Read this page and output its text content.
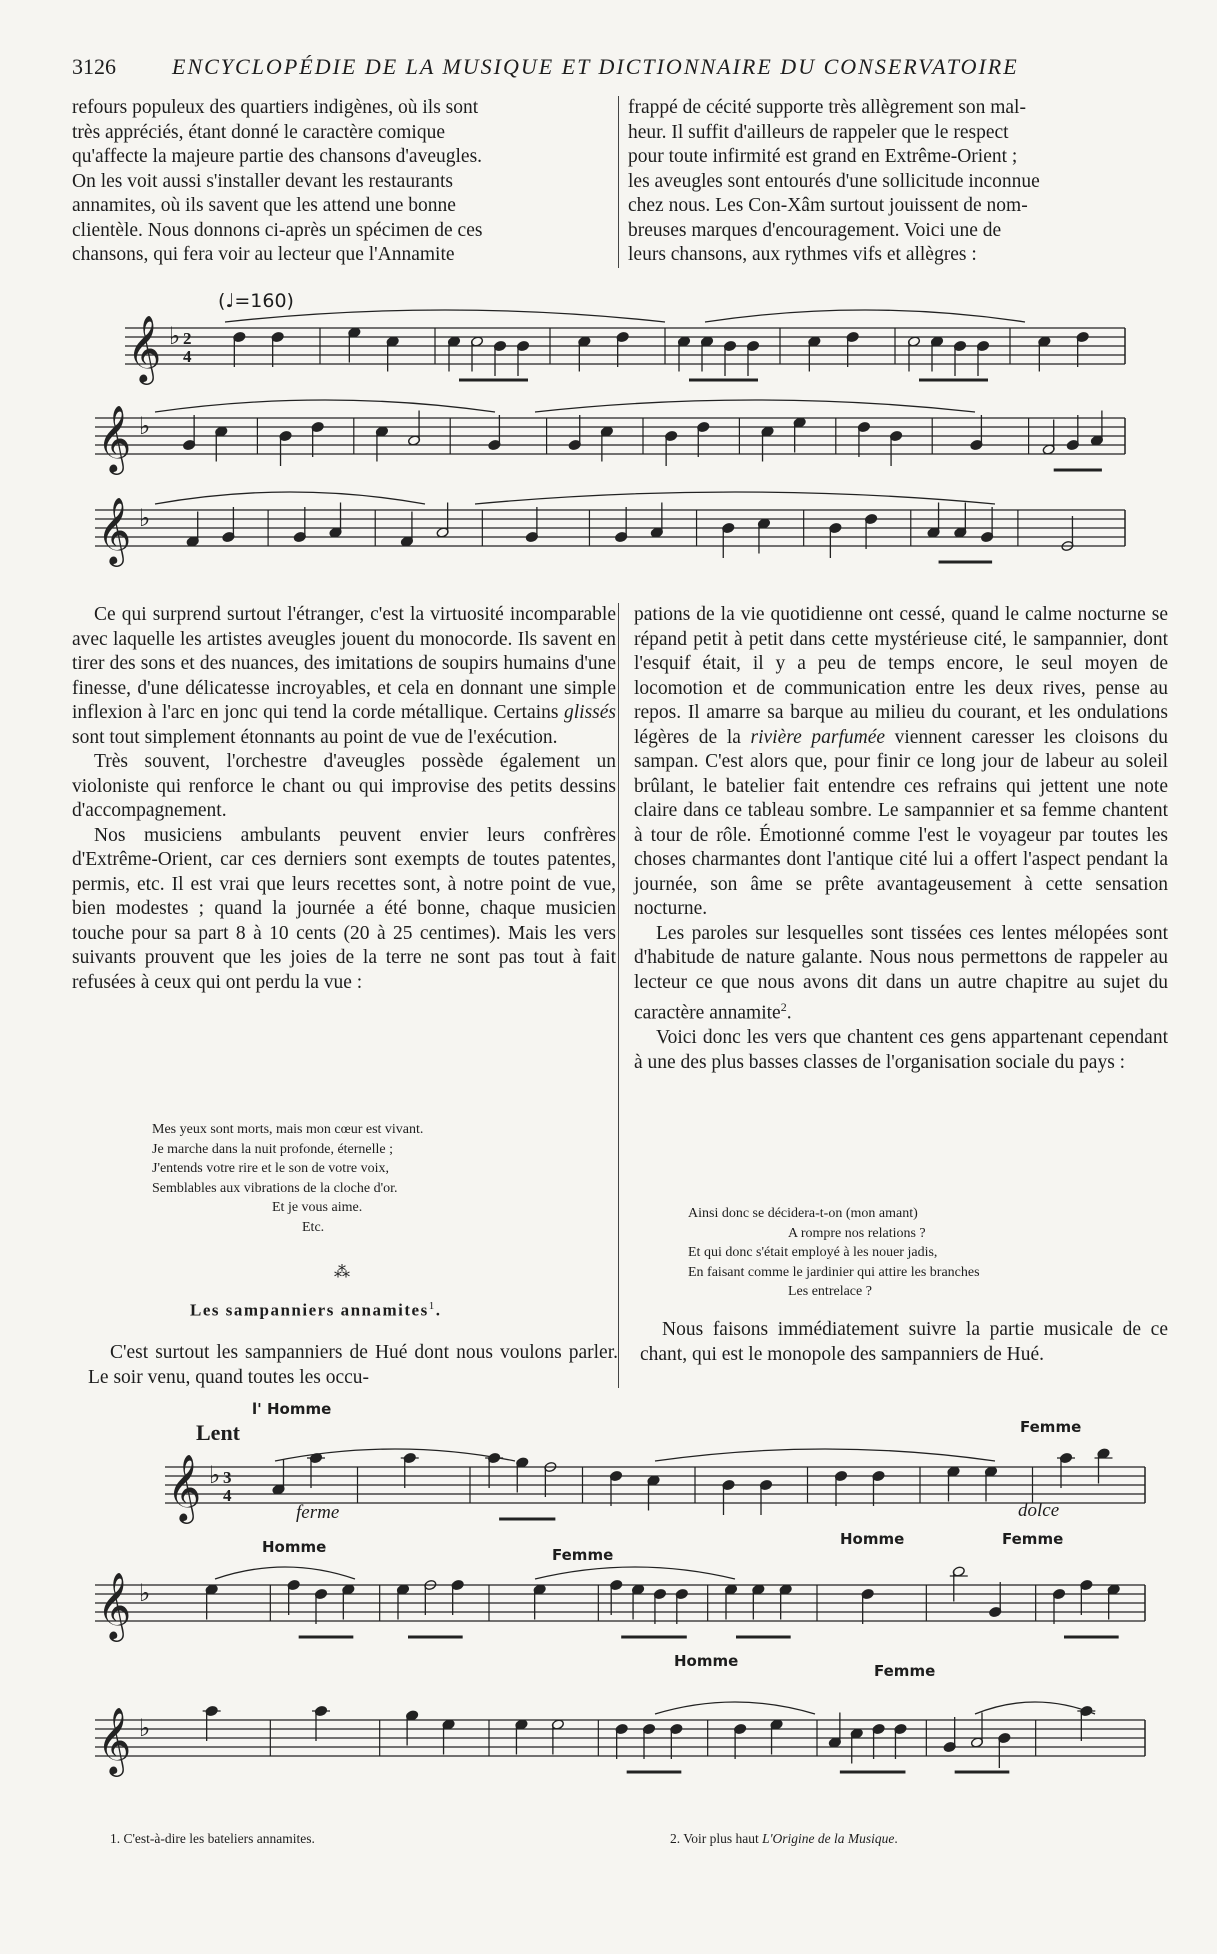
3126	ENCYCLOPÉDIE DE LA MUSIQUE ET DICTIONNAIRE DU CONSERVATOIRE
refours populeux des quartiers indigènes, où ils sont
très appréciés, étant donné le caractère comique
qu'affecte la majeure partie des chansons d'aveugles.
On les voit aussi s'installer devant les restaurants
annamites, où ils savent que les attend une bonne
clientèle. Nous donnons ci-après un spécimen de ces
chansons, qui fera voir au lecteur que l'Annamite
frappé de cécité supporte très allègrement son mal-
heur. Il suffit d'ailleurs de rappeler que le respect
pour toute infirmité est grand en Extrême-Orient ;
les aveugles sont entourés d'une sollicitude inconnue
chez nous. Les Con-Xâm surtout jouissent de nom-
breuses marques d'encouragement. Voici une de
leurs chansons, aux rythmes vifs et allègres :
(♩=160)
𝄞 ♭ 2
4
𝄞 ♭
𝄞 ♭

Ce qui surprend surtout l'étranger, c'est la virtuosité incomparable avec laquelle les artistes aveugles jouent du monocorde. Ils savent en tirer des sons et des nuances, des imitations de soupirs humains d'une finesse, d'une délicatesse incroyables, et cela en donnant une simple inflexion à l'arc en jonc qui tend la corde métallique. Certains glissés sont tout simplement étonnants au point de vue de l'exécution.

Très souvent, l'orchestre d'aveugles possède également un violoniste qui renforce le chant ou qui improvise des petits dessins d'accompagnement.

Nos musiciens ambulants peuvent envier leurs confrères d'Extrême-Orient, car ces derniers sont exempts de toutes patentes, permis, etc. Il est vrai que leurs recettes sont, à notre point de vue, bien modestes ; quand la journée a été bonne, chaque musicien touche pour sa part 8 à 10 cents (20 à 25 centimes). Mais les vers suivants prouvent que les joies de la terre ne sont pas tout à fait refusées à ceux qui ont perdu la vue :

Mes yeux sont morts, mais mon cœur est vivant.
Je marche dans la nuit profonde, éternelle ;
J'entends votre rire et le son de votre voix,
Semblables aux vibrations de la cloche d'or.
Et je vous aime.
Etc.
⁂
Les sampanniers annamites$^1$.

C'est surtout les sampanniers de Hué dont nous voulons parler. Le soir venu, quand toutes les occu-

pations de la vie quotidienne ont cessé, quand le calme nocturne se répand petit à petit dans cette mystérieuse cité, le sampannier, dont l'esquif était, il y a peu de temps encore, le seul moyen de locomotion et de communication entre les deux rives, pense au repos. Il amarre sa barque au milieu du courant, et les ondulations légères de la rivière parfumée viennent caresser les cloisons du sampan. C'est alors que, pour finir ce long jour de labeur au soleil brûlant, le batelier fait entendre ces refrains qui jettent une note claire dans ce tableau sombre. Le sampannier et sa femme chantent à tour de rôle. Émotionné comme l'est le voyageur par toutes les choses charmantes dont l'antique cité lui a offert l'aspect pendant la journée, son âme se prête avantageusement à cette sensation nocturne.

Les paroles sur lesquelles sont tissées ces lentes mélopées sont d'habitude de nature galante. Nous nous permettons de rappeler au lecteur ce que nous avons dit dans un autre chapitre au sujet du caractère annamite$^2$.

Voici donc les vers que chantent ces gens appartenant cependant à une des plus basses classes de l'organisation sociale du pays :

Ainsi donc se décidera-t-on (mon amant)
A rompre nos relations ?
Et qui donc s'était employé à les nouer jadis,
En faisant comme le jardinier qui attire les branches
Les entrelace ?

Nous faisons immédiatement suivre la partie musicale de ce chant, qui est le monopole des sampanniers de Hué.

l' Homme
Lent	Femme
ferme	dolce
Homme	Femme
Homme	Femme
Homme
Femme
𝄞 ♭ 3
4
𝄞 ♭
𝄞 ♭
1. C'est-à-dire les bateliers annamites.	2. Voir plus haut L'Origine de la Musique.
